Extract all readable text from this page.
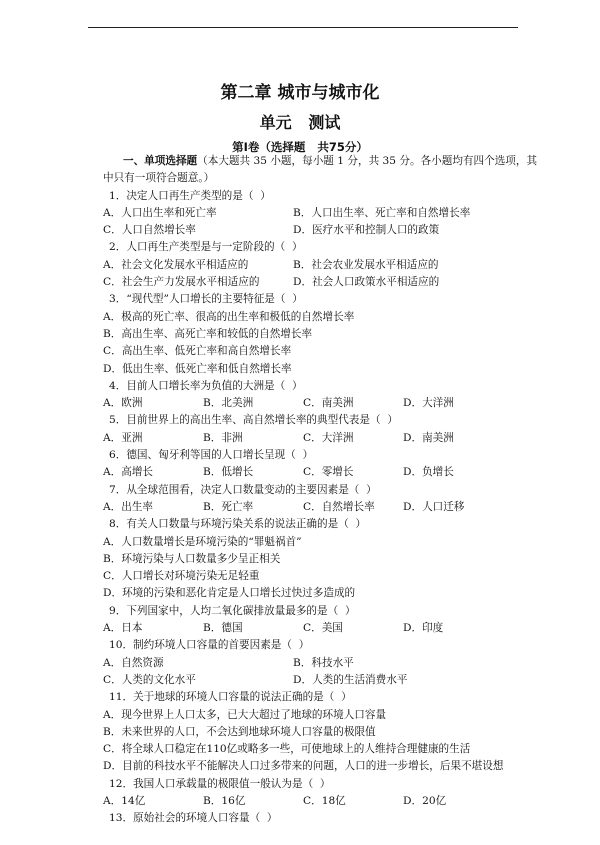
第二章 城市与城市化
单元   测试
第Ⅰ卷（选择题   共75分）
一、单项选择题（本大题共 35 小题，每小题 1 分，共 35 分。各小题均有四个选项，其
中只有一项符合题意。）
1．决定人口再生产类型的是（  ）
A．人口出生率和死亡率	B．人口出生率、死亡率和自然增长率
C．人口自然增长率	D．医疗水平和控制人口的政策
2．人口再生产类型是与一定阶段的（  ）
A．社会文化发展水平相适应的	B．社会农业发展水平相适应的
C．社会生产力发展水平相适应的	D．社会人口政策水平相适应的
3．“现代型”人口增长的主要特征是（  ）
A．极高的死亡率、很高的出生率和极低的自然增长率
B．高出生率、高死亡率和较低的自然增长率
C．高出生率、低死亡率和高自然增长率
D．低出生率、低死亡率和低自然增长率
4．目前人口增长率为负值的大洲是（  ）
A．欧洲	B．北美洲	C．南美洲	D．大洋洲
5．目前世界上的高出生率、高自然增长率的典型代表是（  ）
A．亚洲	B．非洲	C．大洋洲	D．南美洲
6．德国、匈牙利等国的人口增长呈现（  ）
A．高增长	B．低增长	C．零增长	D．负增长
7．从全球范围看，决定人口数量变动的主要因素是（  ）
A．出生率	B．死亡率	C．自然增长率	D．人口迁移
8．有关人口数量与环境污染关系的说法正确的是（  ）
A．人口数量增长是环境污染的“罪魁祸首”
B．环境污染与人口数量多少呈正相关
C．人口增长对环境污染无足轻重
D．环境的污染和恶化肯定是人口增长过快过多造成的
9．下列国家中，人均二氧化碳排放量最多的是（  ）
A．日本	B．德国	C．美国	D．印度
10．制约环境人口容量的首要因素是（  ）
A．自然资源	B．科技水平
C．人类的文化水平	D．人类的生活消费水平
11．关于地球的环境人口容量的说法正确的是（  ）
A．现今世界上人口太多，已大大超过了地球的环境人口容量
B．未来世界的人口，不会达到地球环境人口容量的极限值
C．将全球人口稳定在110亿或略多一些，可使地球上的人维持合理健康的生活
D．目前的科技水平不能解决人口过多带来的问题，人口的进一步增长，后果不堪设想
12．我国人口承载量的极限值一般认为是（  ）
A．14亿	B．16亿	C．18亿	D．20亿
13．原始社会的环境人口容量（  ）
